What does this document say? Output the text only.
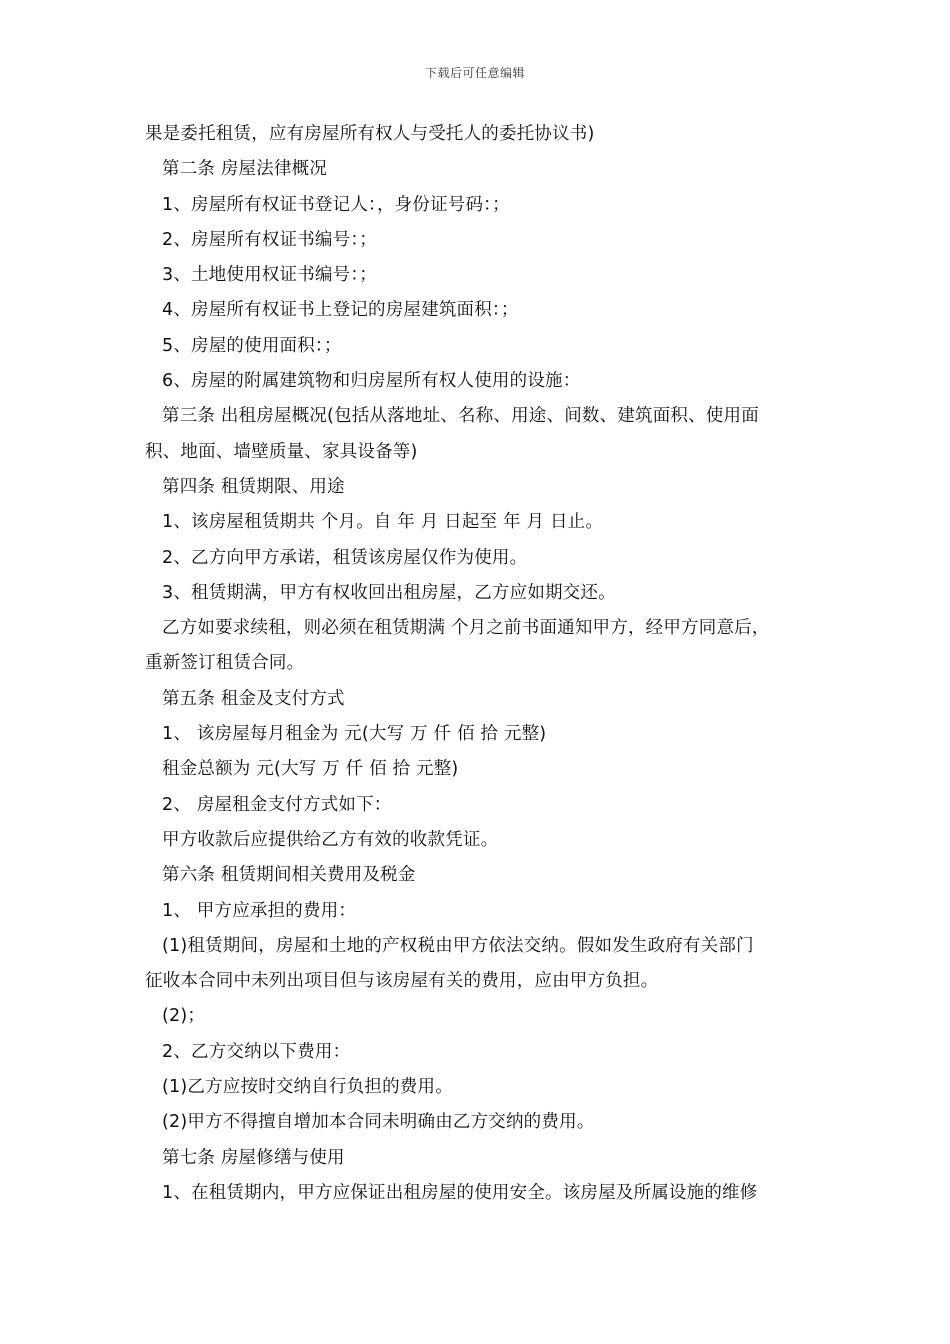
下载后可任意编辑
果是委托租赁，应有房屋所有权人与受托人的委托协议书)
第二条 房屋法律概况
1、房屋所有权证书登记人：，身份证号码：；
2、房屋所有权证书编号：；
3、土地使用权证书编号：；
4、房屋所有权证书上登记的房屋建筑面积：；
5、房屋的使用面积：；
6、房屋的附属建筑物和归房屋所有权人使用的设施：
第三条 出租房屋概况(包括从落地址、名称、用途、间数、建筑面积、使用面
积、地面、墙壁质量、家具设备等)
第四条 租赁期限、用途
1、该房屋租赁期共 个月。自 年 月 日起至 年 月 日止。
2、乙方向甲方承诺，租赁该房屋仅作为使用。
3、租赁期满，甲方有权收回出租房屋，乙方应如期交还。
乙方如要求续租，则必须在租赁期满 个月之前书面通知甲方，经甲方同意后，
重新签订租赁合同。
第五条 租金及支付方式
1、 该房屋每月租金为 元(大写 万 仟 佰 拾 元整)
租金总额为 元(大写 万 仟 佰 拾 元整)
2、 房屋租金支付方式如下：
甲方收款后应提供给乙方有效的收款凭证。
第六条 租赁期间相关费用及税金
1、 甲方应承担的费用：
(1)租赁期间，房屋和土地的产权税由甲方依法交纳。假如发生政府有关部门
征收本合同中未列出项目但与该房屋有关的费用，应由甲方负担。
(2)；
2、乙方交纳以下费用：
(1)乙方应按时交纳自行负担的费用。
(2)甲方不得擅自增加本合同未明确由乙方交纳的费用。
第七条 房屋修缮与使用
1、在租赁期内，甲方应保证出租房屋的使用安全。该房屋及所属设施的维修
